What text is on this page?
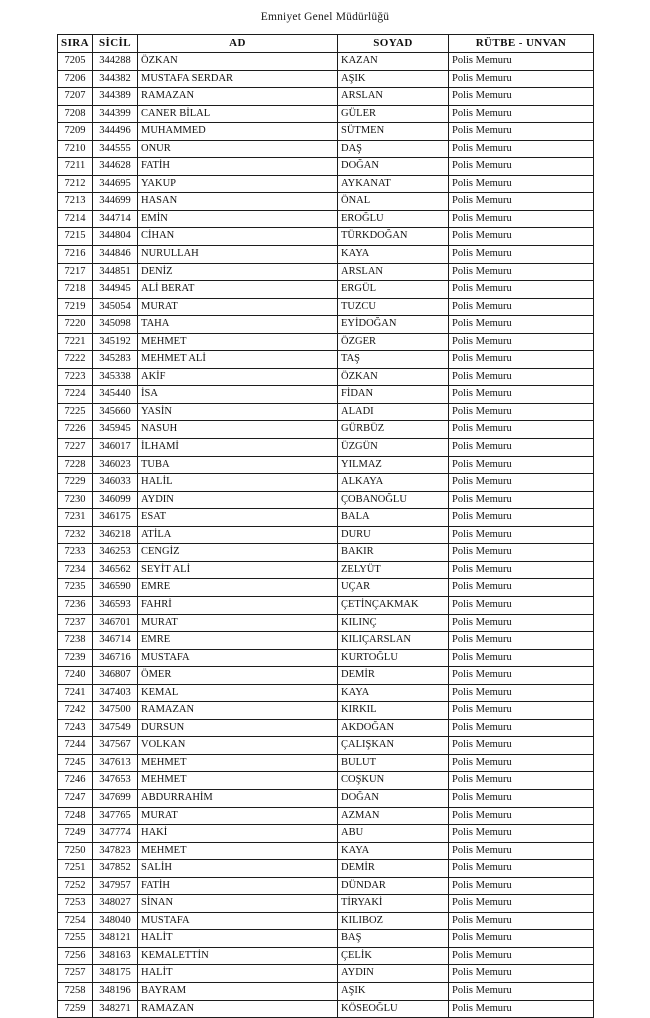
Emniyet Genel Müdürlüğü
SIRA	SİCİL	AD	SOYAD	RÜTBE - UNVAN
7205	344288	ÖZKAN	KAZAN	Polis Memuru
7206	344382	MUSTAFA SERDAR	AŞIK	Polis Memuru
7207	344389	RAMAZAN	ARSLAN	Polis Memuru
7208	344399	CANER BİLAL	GÜLER	Polis Memuru
7209	344496	MUHAMMED	SÜTMEN	Polis Memuru
7210	344555	ONUR	DAŞ	Polis Memuru
7211	344628	FATİH	DOĞAN	Polis Memuru
7212	344695	YAKUP	AYKANAT	Polis Memuru
7213	344699	HASAN	ÖNAL	Polis Memuru
7214	344714	EMİN	EROĞLU	Polis Memuru
7215	344804	CİHAN	TÜRKDOĞAN	Polis Memuru
7216	344846	NURULLAH	KAYA	Polis Memuru
7217	344851	DENİZ	ARSLAN	Polis Memuru
7218	344945	ALİ BERAT	ERGÜL	Polis Memuru
7219	345054	MURAT	TUZCU	Polis Memuru
7220	345098	TAHA	EYİDOĞAN	Polis Memuru
7221	345192	MEHMET	ÖZGER	Polis Memuru
7222	345283	MEHMET ALİ	TAŞ	Polis Memuru
7223	345338	AKİF	ÖZKAN	Polis Memuru
7224	345440	İSA	FİDAN	Polis Memuru
7225	345660	YASİN	ALADI	Polis Memuru
7226	345945	NASUH	GÜRBÜZ	Polis Memuru
7227	346017	İLHAMİ	ÜZGÜN	Polis Memuru
7228	346023	TUBA	YILMAZ	Polis Memuru
7229	346033	HALİL	ALKAYA	Polis Memuru
7230	346099	AYDIN	ÇOBANOĞLU	Polis Memuru
7231	346175	ESAT	BALA	Polis Memuru
7232	346218	ATİLA	DURU	Polis Memuru
7233	346253	CENGİZ	BAKIR	Polis Memuru
7234	346562	SEYİT ALİ	ZELYÜT	Polis Memuru
7235	346590	EMRE	UÇAR	Polis Memuru
7236	346593	FAHRİ	ÇETİNÇAKMAK	Polis Memuru
7237	346701	MURAT	KILINÇ	Polis Memuru
7238	346714	EMRE	KILIÇARSLAN	Polis Memuru
7239	346716	MUSTAFA	KURTOĞLU	Polis Memuru
7240	346807	ÖMER	DEMİR	Polis Memuru
7241	347403	KEMAL	KAYA	Polis Memuru
7242	347500	RAMAZAN	KIRKIL	Polis Memuru
7243	347549	DURSUN	AKDOĞAN	Polis Memuru
7244	347567	VOLKAN	ÇALIŞKAN	Polis Memuru
7245	347613	MEHMET	BULUT	Polis Memuru
7246	347653	MEHMET	COŞKUN	Polis Memuru
7247	347699	ABDURRAHİM	DOĞAN	Polis Memuru
7248	347765	MURAT	AZMAN	Polis Memuru
7249	347774	HAKİ	ABU	Polis Memuru
7250	347823	MEHMET	KAYA	Polis Memuru
7251	347852	SALİH	DEMİR	Polis Memuru
7252	347957	FATİH	DÜNDAR	Polis Memuru
7253	348027	SİNAN	TİRYAKİ	Polis Memuru
7254	348040	MUSTAFA	KILIBOZ	Polis Memuru
7255	348121	HALİT	BAŞ	Polis Memuru
7256	348163	KEMALETTİN	ÇELİK	Polis Memuru
7257	348175	HALİT	AYDIN	Polis Memuru
7258	348196	BAYRAM	AŞIK	Polis Memuru
7259	348271	RAMAZAN	KÖSEOĞLU	Polis Memuru
